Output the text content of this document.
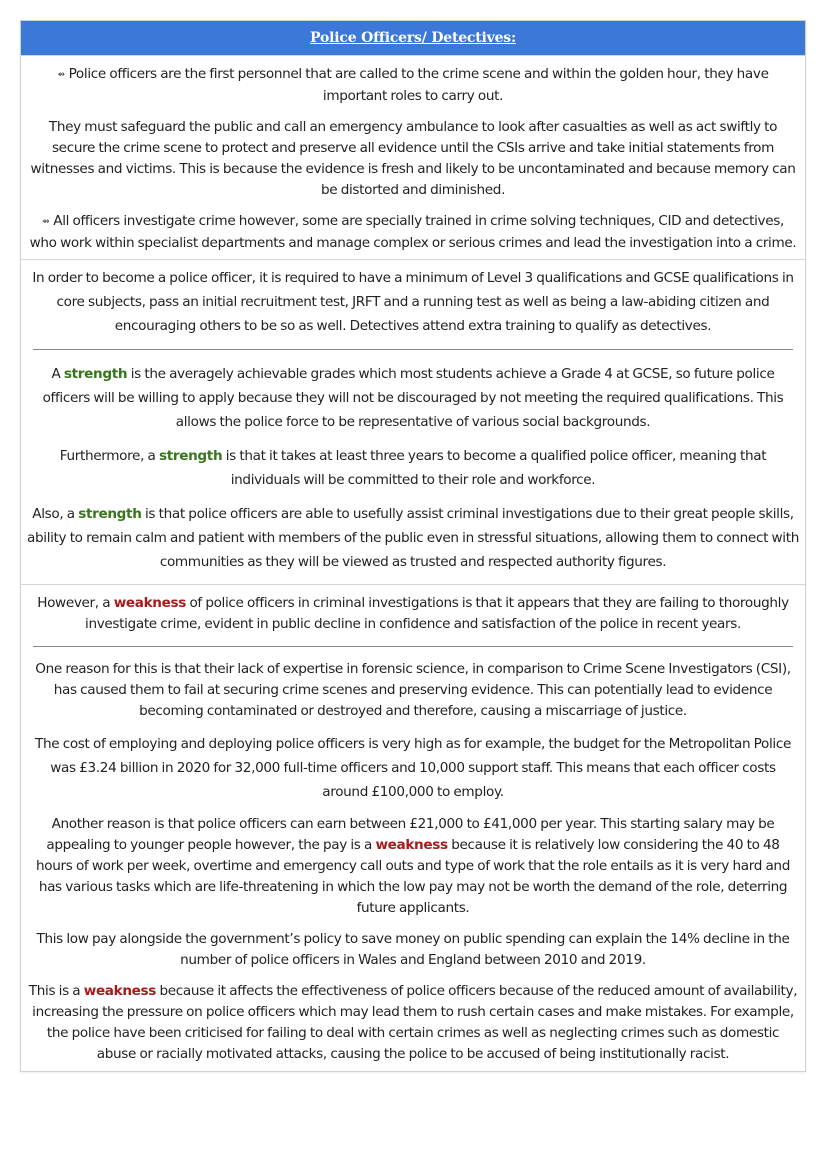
Police Officers/ Detectives:

⇴ Police officers are the first personnel that are called to the crime scene and within the golden hour, they have important roles to carry out.

They must safeguard the public and call an emergency ambulance to look after casualties as well as act swiftly to secure the crime scene to protect and preserve all evidence until the CSIs arrive and take initial statements from witnesses and victims. This is because the evidence is fresh and likely to be uncontaminated and because memory can be distorted and diminished.

⇴ All officers investigate crime however, some are specially trained in crime solving techniques, CID and detectives, who work within specialist departments and manage complex or serious crimes and lead the investigation into a crime.

In order to become a police officer, it is required to have a minimum of Level 3 qualifications and GCSE qualifications in core subjects, pass an initial recruitment test, JRFT and a running test as well as being a law-abiding citizen and encouraging others to be so as well. Detectives attend extra training to qualify as detectives.

A strength is the averagely achievable grades which most students achieve a Grade 4 at GCSE, so future police officers will be willing to apply because they will not be discouraged by not meeting the required qualifications. This allows the police force to be representative of various social backgrounds.

Furthermore, a strength is that it takes at least three years to become a qualified police officer, meaning that individuals will be committed to their role and workforce.

Also, a strength is that police officers are able to usefully assist criminal investigations due to their great people skills, ability to remain calm and patient with members of the public even in stressful situations, allowing them to connect with communities as they will be viewed as trusted and respected authority figures.

However, a weakness of police officers in criminal investigations is that it appears that they are failing to thoroughly investigate crime, evident in public decline in confidence and satisfaction of the police in recent years.

One reason for this is that their lack of expertise in forensic science, in comparison to Crime Scene Investigators (CSI), has caused them to fail at securing crime scenes and preserving evidence. This can potentially lead to evidence becoming contaminated or destroyed and therefore, causing a miscarriage of justice.

The cost of employing and deploying police officers is very high as for example, the budget for the Metropolitan Police was £3.24 billion in 2020 for 32,000 full-time officers and 10,000 support staff. This means that each officer costs around £100,000 to employ.

Another reason is that police officers can earn between £21,000 to £41,000 per year. This starting salary may be appealing to younger people however, the pay is a weakness because it is relatively low considering the 40 to 48 hours of work per week, overtime and emergency call outs and type of work that the role entails as it is very hard and has various tasks which are life-threatening in which the low pay may not be worth the demand of the role, deterring future applicants.

This low pay alongside the government’s policy to save money on public spending can explain the 14% decline in the number of police officers in Wales and England between 2010 and 2019.

This is a weakness because it affects the effectiveness of police officers because of the reduced amount of availability, increasing the pressure on police officers which may lead them to rush certain cases and make mistakes. For example, the police have been criticised for failing to deal with certain crimes as well as neglecting crimes such as domestic abuse or racially motivated attacks, causing the police to be accused of being institutionally racist.
